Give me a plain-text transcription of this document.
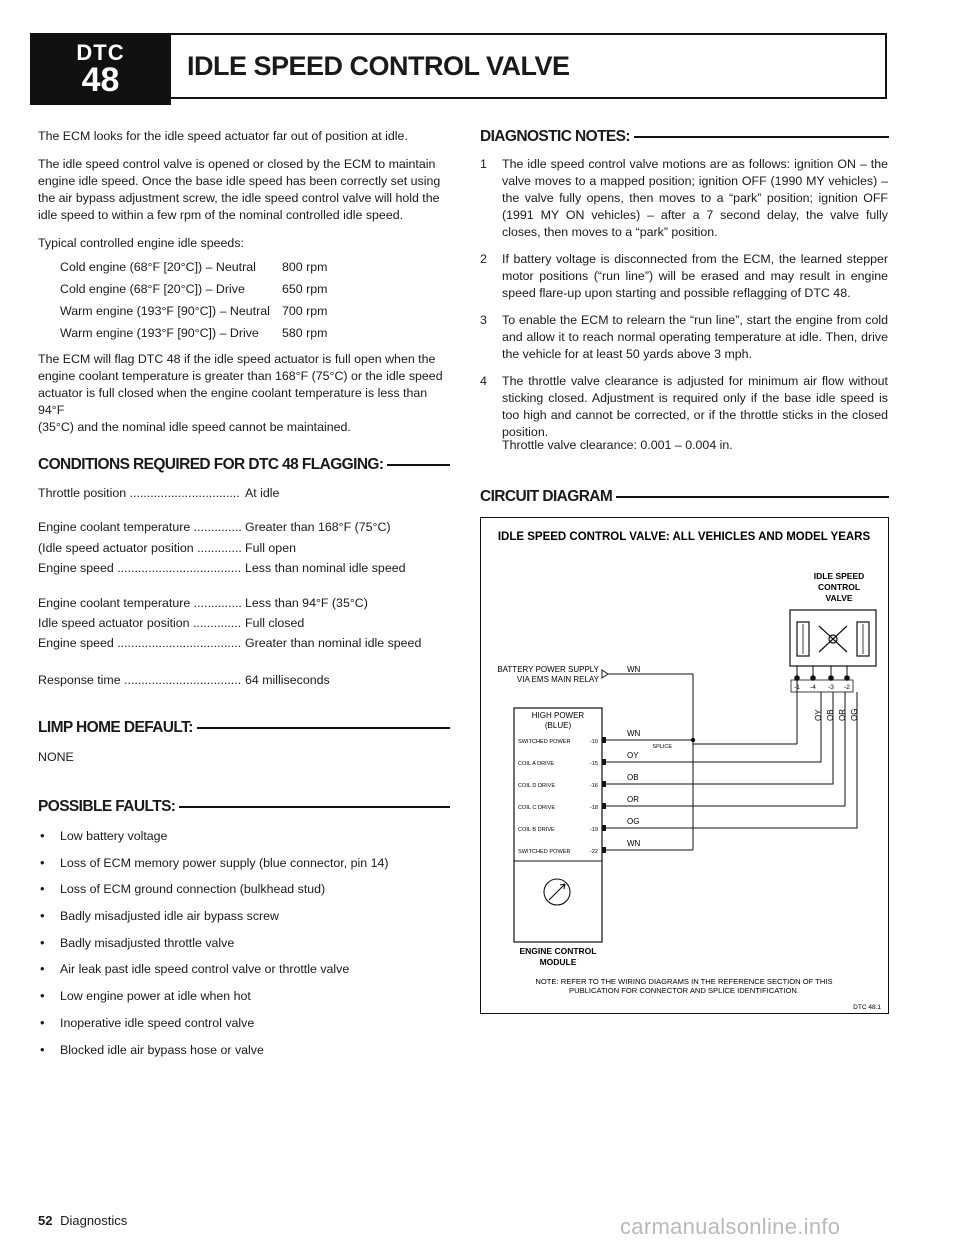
DTC
48	IDLE SPEED CONTROL VALVE

The ECM looks for the idle speed actuator far out of position at idle.

The idle speed control valve is opened or closed by the ECM to maintain
engine idle speed. Once the base idle speed has been correctly set using
the air bypass adjustment screw, the idle speed control valve will hold the
idle speed to within a few rpm of the nominal controlled idle speed.

Typical controlled engine idle speeds:

Cold engine (68°F [20°C]) – Neutral 800 rpm
Cold engine (68°F [20°C]) – Drive	650 rpm
Warm engine (193°F [90°C]) – Neutral 700 rpm
Warm engine (193°F [90°C]) – Drive 580 rpm
The ECM will flag DTC 48 if the idle speed actuator is full open when the
engine coolant temperature is greater than 168°F (75°C) or the idle speed
actuator is full closed when the engine coolant temperature is less than 94°F
(35°C) and the nominal idle speed cannot be maintained.
CONDITIONS REQUIRED FOR DTC 48 FLAGGING:
Throttle position ................................ At idle
Engine coolant temperature .............. Greater than 168°F (75°C)
(Idle speed actuator position ............. Full open
Engine speed .................................... Less than nominal idle speed
Engine coolant temperature .............. Less than 94°F (35°C)
Idle speed actuator position .............. Full closed
Engine speed .................................... Greater than nominal idle speed
Response time .................................. 64 milliseconds
LIMP HOME DEFAULT:
NONE
POSSIBLE FAULTS:
• Low battery voltage
• Loss of ECM memory power supply (blue connector, pin 14)
• Loss of ECM ground connection (bulkhead stud)
• Badly misadjusted idle air bypass screw
• Badly misadjusted throttle valve
• Air leak past idle speed control valve or throttle valve
• Low engine power at idle when hot
• Inoperative idle speed control valve
• Blocked idle air bypass hose or valve
DIAGNOSTIC NOTES:
1 The idle speed control valve motions are as follows: ignition ON – the valve moves to a mapped position; ignition OFF (1990 MY vehicles) – the valve fully opens, then moves to a “park” position; ignition OFF (1991 MY ON vehicles) – after a 7 second delay, the valve fully closes, then moves to a “park” position.
2 If battery voltage is disconnected from the ECM, the learned stepper motor positions (“run line”) will be erased and may result in engine speed flare-up upon starting and possible reflagging of DTC 48.
3 To enable the ECM to relearn the “run line”, start the engine from cold and allow it to reach normal operating temperature at idle. Then, drive the vehicle for at least 50 yards above 3 mph.
4 The throttle valve clearance is adjusted for minimum air flow without sticking closed. Adjustment is required only if the base idle speed is too high and cannot be corrected, or if the throttle sticks in the closed position.

Throttle valve clearance: 0.001 – 0.004 in.

CIRCUIT DIAGRAM
IDLE SPEED CONTROL VALVE: ALL VEHICLES AND MODEL YEARS
IDLE SPEED
CONTROL
VALVE
-1 -4 -3 -2
OY OB OR OG
BATTERY POWER SUPPLY
VIA EMS MAIN RELAY
WN
HIGH POWER
(BLUE)
SWITCHED POWER	-10
COIL A DRIVE	-15
COIL D DRIVE	-16
COIL C DRIVE	-18
COIL B DRIVE	-19
SWITCHED POWER	-22
WN
OY
OB
OR
OG
WN
SPLICE
ENGINE CONTROL
MODULE
NOTE: REFER TO THE WIRING DIAGRAMS IN THE REFERENCE SECTION OF THIS
PUBLICATION FOR CONNECTOR AND SPLICE IDENTIFICATION.
DTC 48.1
52 Diagnostics	carmanualsonline.info
